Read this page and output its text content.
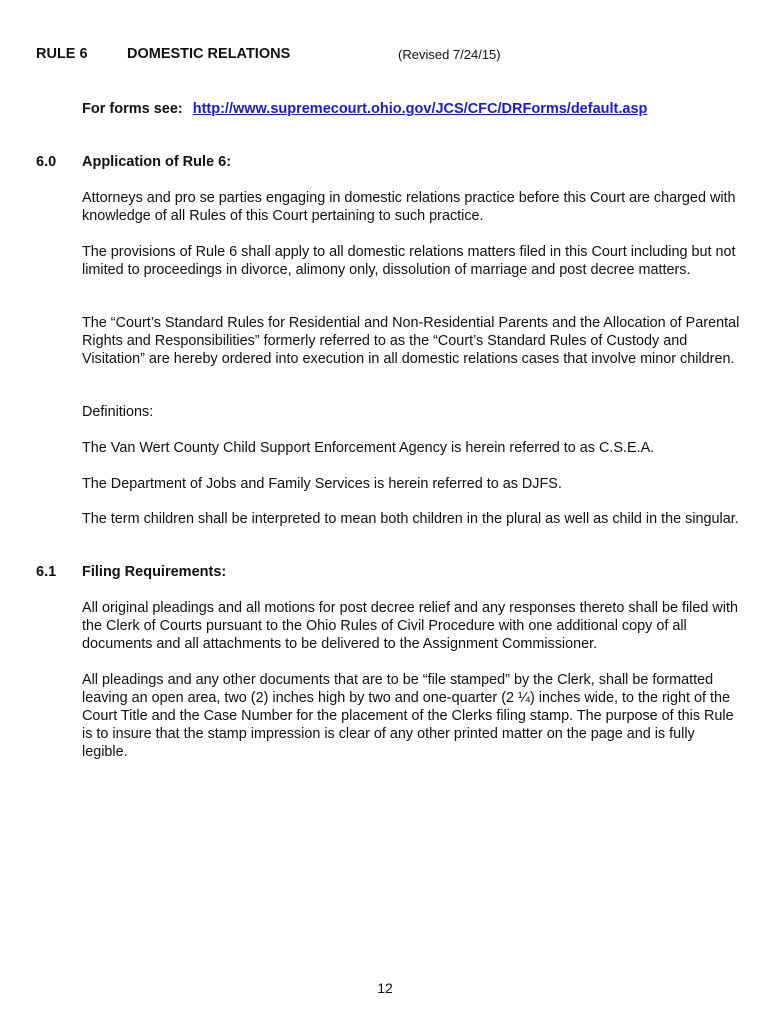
RULE 6	DOMESTIC RELATIONS	(Revised 7/24/15)
For forms see: http://www.supremecourt.ohio.gov/JCS/CFC/DRForms/default.asp
6.0 Application of Rule 6:
Attorneys and pro se parties engaging in domestic relations practice before this Court are charged with knowledge of all Rules of this Court pertaining to such practice.
The provisions of Rule 6 shall apply to all domestic relations matters filed in this Court including but not limited to proceedings in divorce, alimony only, dissolution of marriage and post decree matters.
The “Court’s Standard Rules for Residential and Non-Residential Parents and the Allocation of Parental Rights and Responsibilities” formerly referred to as the “Court’s Standard Rules of Custody and Visitation” are hereby ordered into execution in all domestic relations cases that involve minor children.
Definitions:
The Van Wert County Child Support Enforcement Agency is herein referred to as C.S.E.A.
The Department of Jobs and Family Services is herein referred to as DJFS.
The term children shall be interpreted to mean both children in the plural as well as child in the singular.
6.1 Filing Requirements:
All original pleadings and all motions for post decree relief and any responses thereto shall be filed with the Clerk of Courts pursuant to the Ohio Rules of Civil Procedure with one additional copy of all documents and all attachments to be delivered to the Assignment Commissioner.
All pleadings and any other documents that are to be “file stamped” by the Clerk, shall be formatted leaving an open area, two (2) inches high by two and one-quarter (2 ¼) inches wide, to the right of the Court Title and the Case Number for the placement of the Clerks filing stamp. The purpose of this Rule is to insure that the stamp impression is clear of any other printed matter on the page and is fully legible.
12
